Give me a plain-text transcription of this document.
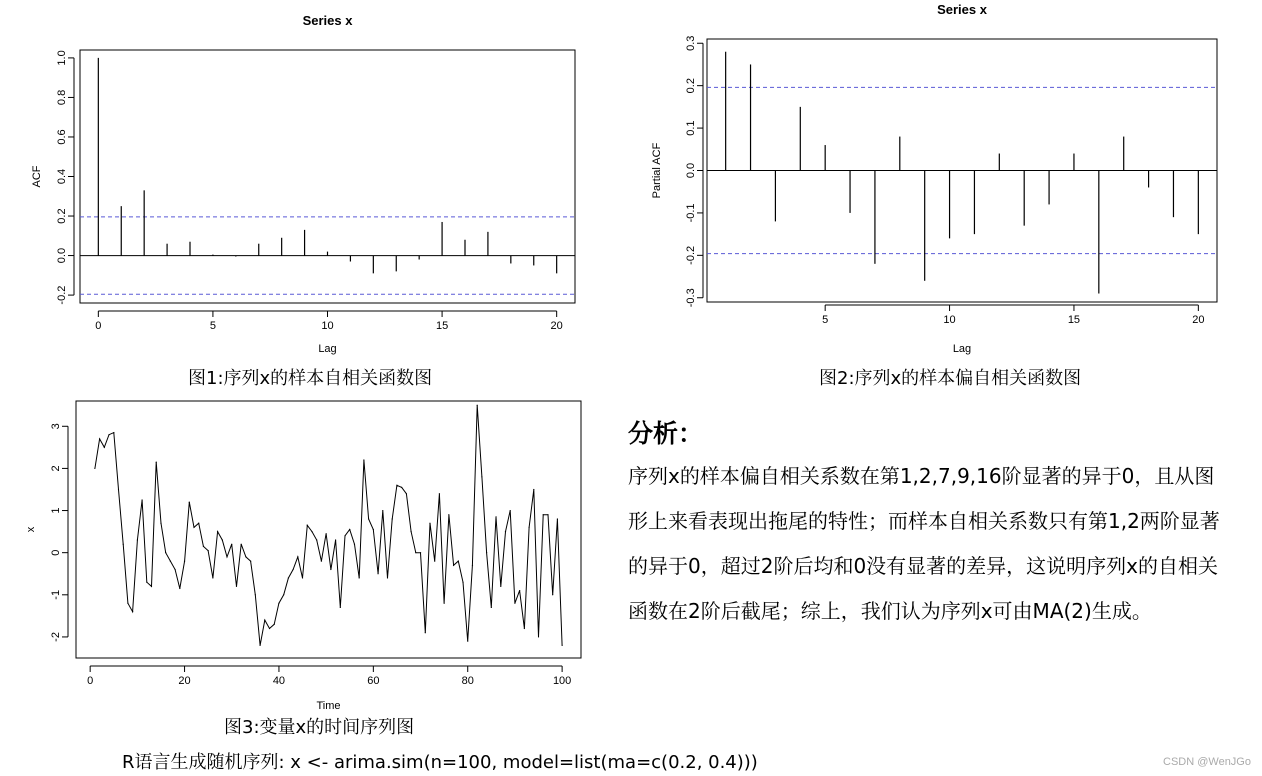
Series x
0	5	10	15	20
-0.2
0.0
0.2
0.4
0.6
0.8
1.0
Lag
ACF
图1:序列x的样本自相关函数图
Series x
5	10	15	20
-0.3
-0.2
-0.1
0.0
0.1
0.2
0.3
Lag
Partial ACF
图2:序列x的样本偏自相关函数图
0	20	40	60	80	100
-2
-1
0
1
2
3
Time
x
图3:变量x的时间序列图
分析：
序列x的样本偏自相关系数在第1,2,7,9,16阶显著的异于0，且从图形上来看表现出拖尾的特性；而样本自相关系数只有第1,2两阶显著的异于0，超过2阶后均和0没有显著的差异，这说明序列x的自相关函数在2阶后截尾；综上，我们认为序列x可由MA(2)生成。
R语言生成随机序列: x <- arima.sim(n=100, model=list(ma=c(0.2, 0.4)))	CSDN @WenJGo
